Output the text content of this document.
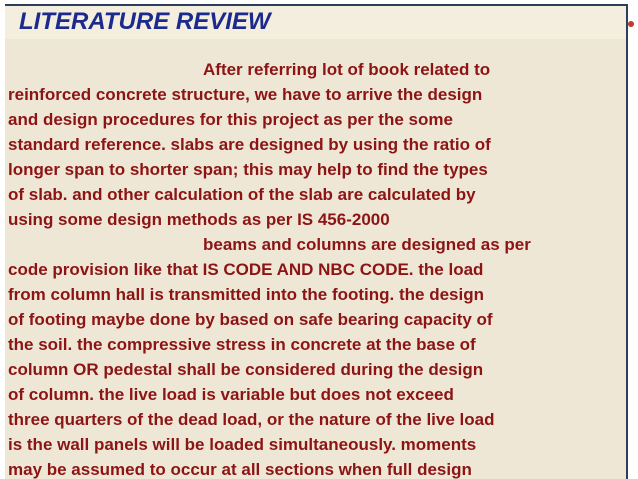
LITERATURE REVIEW

After referring lot of book related to

reinforced concrete structure, we have to arrive the design

and design procedures for this project as per the some

standard reference. slabs are designed by using the ratio of

longer span to shorter span; this may help to find the types

of slab. and other calculation of the slab are calculated by

using some design methods as per IS 456-2000

beams and columns are designed as per

code provision like that IS CODE AND NBC CODE. the load

from column hall is transmitted into the footing. the design

of footing maybe done by based on safe bearing capacity of

the soil. the compressive stress in concrete at the base of

column OR pedestal shall be considered during the design

of column. the live load is variable but does not exceed

three quarters of the dead load, or the nature of the live load

is the wall panels will be loaded simultaneously. moments

may be assumed to occur at all sections when full design
